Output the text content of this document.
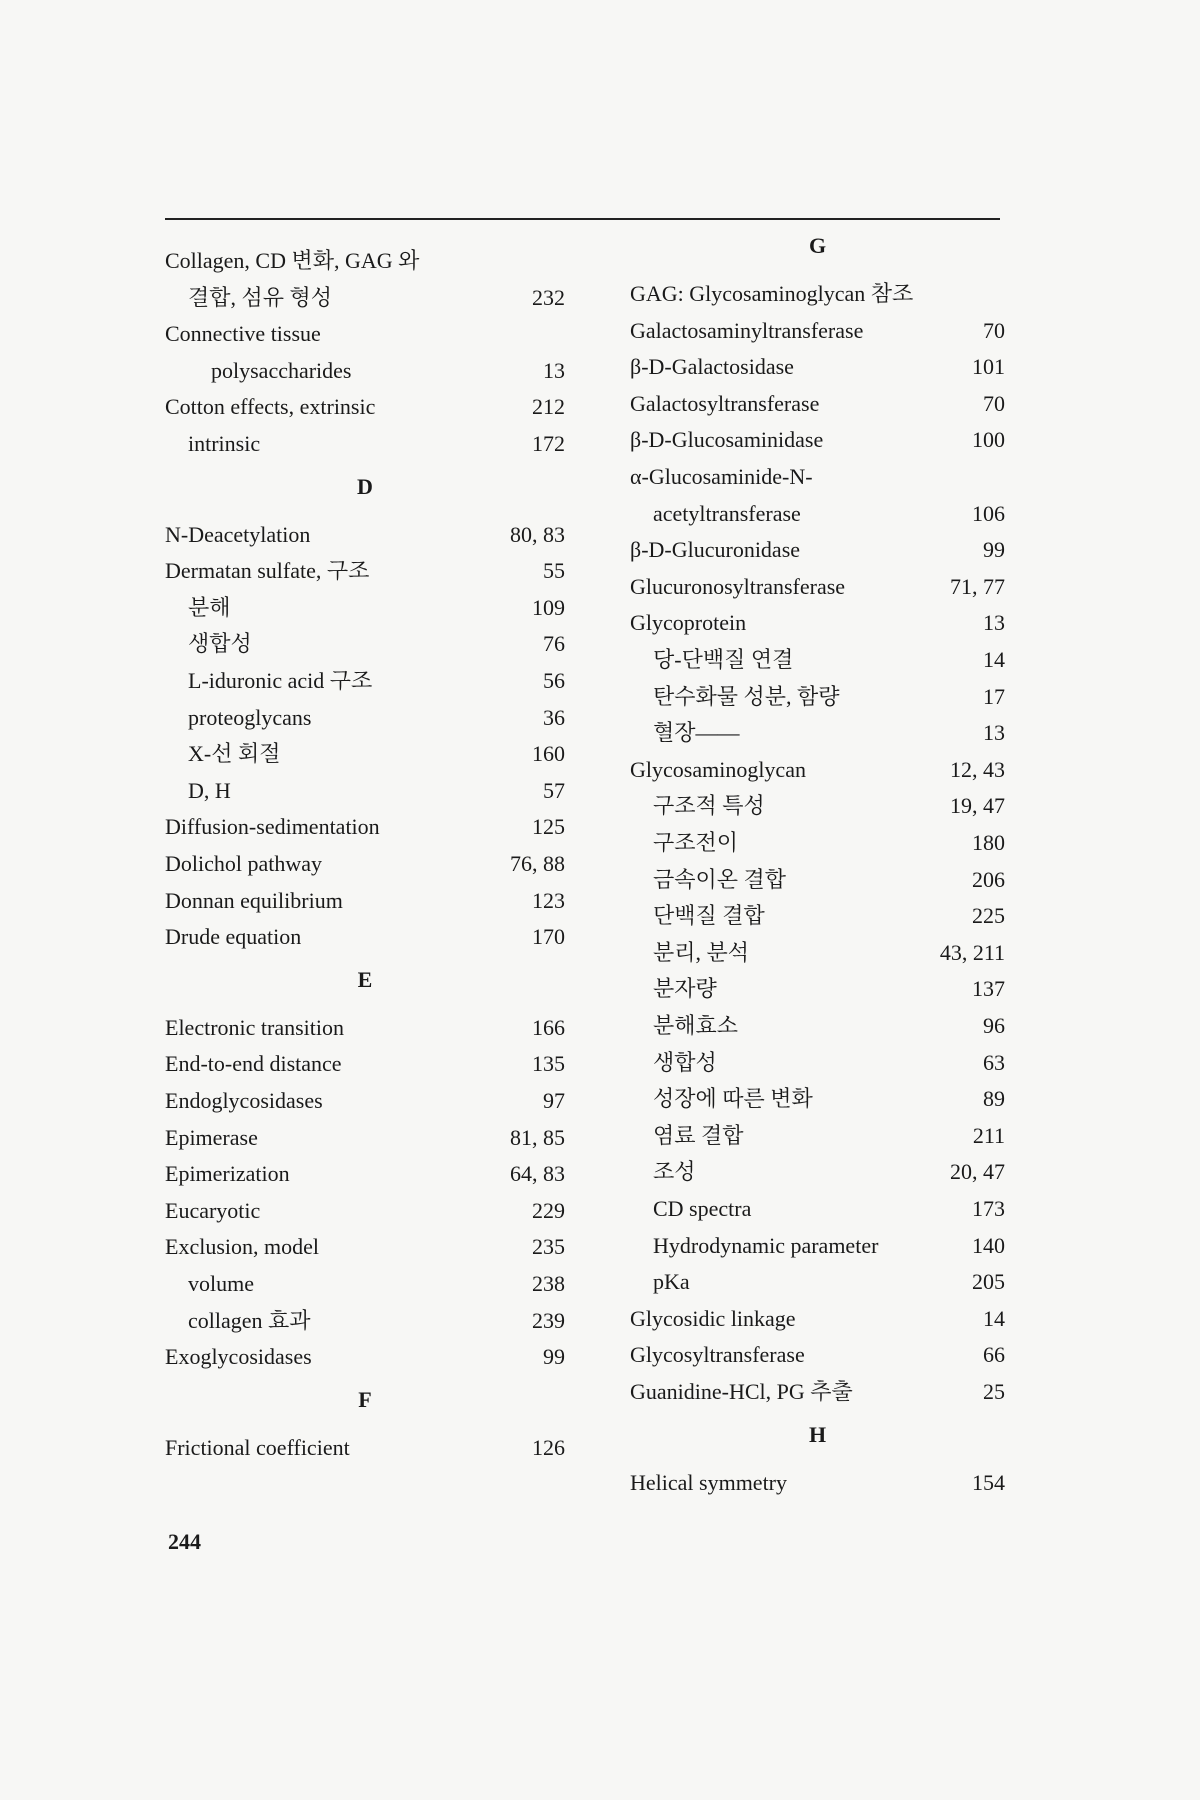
Collagen, CD 변화, GAG 와
결합, 섬유 형성	232
Connective tissue
polysaccharides	13
Cotton effects, extrinsic	212
intrinsic	172
D
N-Deacetylation	80, 83
Dermatan sulfate, 구조	55
분해	109
생합성	76
L-iduronic acid 구조	56
proteoglycans	36
X-선 회절	160
D, H	57
Diffusion-sedimentation	125
Dolichol pathway	76, 88
Donnan equilibrium	123
Drude equation	170
E
Electronic transition	166
End-to-end distance	135
Endoglycosidases	97
Epimerase	81, 85
Epimerization	64, 83
Eucaryotic	229
Exclusion, model	235
volume	238
collagen 효과	239
Exoglycosidases	99
F
Frictional coefficient	126
G
GAG: Glycosaminoglycan 참조
Galactosaminyltransferase	70
β-D-Galactosidase	101
Galactosyltransferase	70
β-D-Glucosaminidase	100
α-Glucosaminide-N-
acetyltransferase	106
β-D-Glucuronidase	99
Glucuronosyltransferase	71, 77
Glycoprotein	13
당-단백질 연결	14
탄수화물 성분, 함량	17
혈장——	13
Glycosaminoglycan	12, 43
구조적 특성	19, 47
구조전이	180
금속이온 결합	206
단백질 결합	225
분리, 분석	43, 211
분자량	137
분해효소	96
생합성	63
성장에 따른 변화	89
염료 결합	211
조성	20, 47
CD spectra	173
Hydrodynamic parameter	140
pKa	205
Glycosidic linkage	14
Glycosyltransferase	66
Guanidine-HCl, PG 추출	25
H
Helical symmetry	154
244
